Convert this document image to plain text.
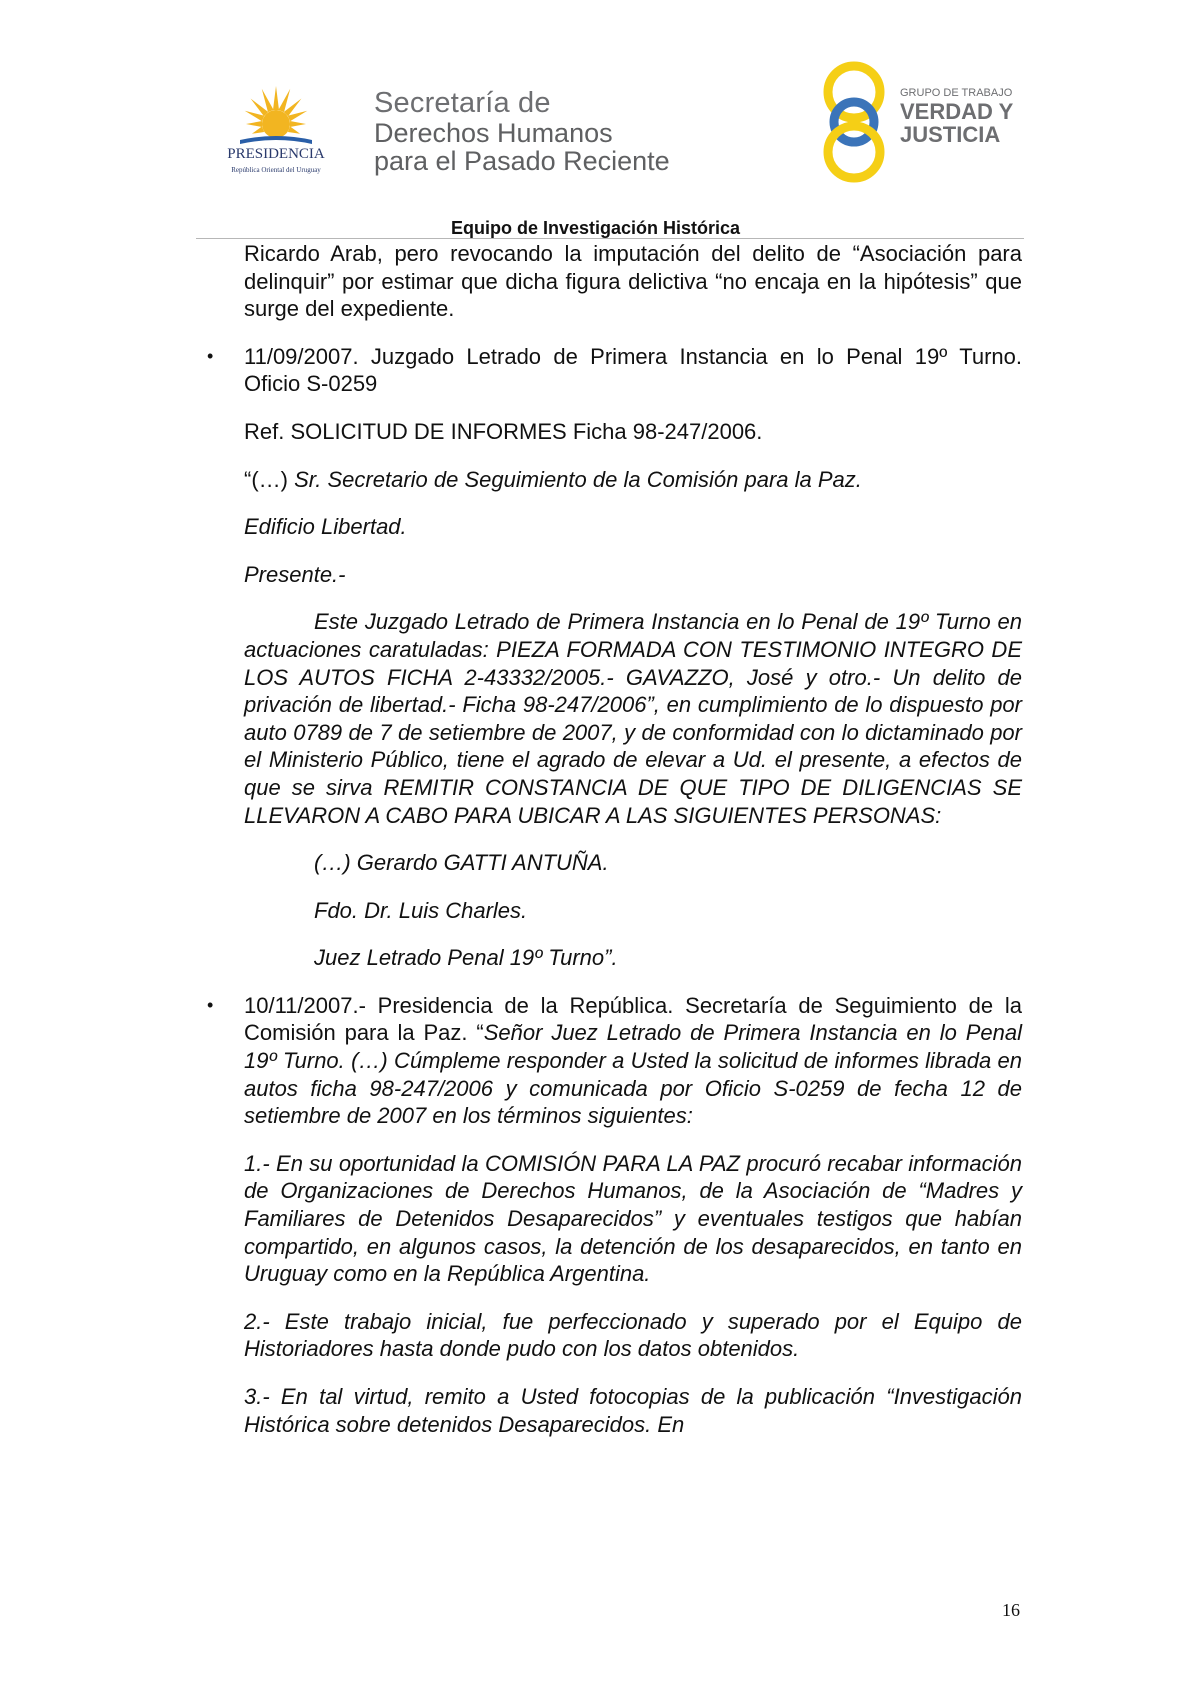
PRESIDENCIA
República Oriental del Uruguay
Secretaría de
Derechos Humanos
para el Pasado Reciente
GRUPO DE TRABAJO
VERDAD Y
JUSTICIA
Equipo de Investigación Histórica

Ricardo Arab, pero revocando la imputación del delito de “Asociación para delinquir” por estimar que dicha figura delictiva “no encaja en la hipótesis” que surge del expediente.

• 11/09/2007. Juzgado Letrado de Primera Instancia en lo Penal 19º Turno. Oficio S-0259

Ref. SOLICITUD DE INFORMES Ficha 98-247/2006.

“(…) Sr. Secretario de Seguimiento de la Comisión para la Paz.

Edificio Libertad.

Presente.-

Este Juzgado Letrado de Primera Instancia en lo Penal de 19º Turno en actuaciones caratuladas: PIEZA FORMADA CON TESTIMONIO INTEGRO DE LOS AUTOS FICHA 2-43332/2005.- GAVAZZO, José y otro.- Un delito de privación de libertad.- Ficha 98-247/2006”, en cumplimiento de lo dispuesto por auto 0789 de 7 de setiembre de 2007, y de conformidad con lo dictaminado por el Ministerio Público, tiene el agrado de elevar a Ud. el presente, a efectos de que se sirva REMITIR CONSTANCIA DE QUE TIPO DE DILIGENCIAS SE LLEVARON A CABO PARA UBICAR A LAS SIGUIENTES PERSONAS:

(…) Gerardo GATTI ANTUÑA.

Fdo. Dr. Luis Charles.

Juez Letrado Penal 19º Turno”.

• 10/11/2007.- Presidencia de la República. Secretaría de Seguimiento de la Comisión para la Paz. “Señor Juez Letrado de Primera Instancia en lo Penal 19º Turno. (…) Cúmpleme responder a Usted la solicitud de informes librada en autos ficha 98-247/2006 y comunicada por Oficio S-0259 de fecha 12 de setiembre de 2007 en los términos siguientes:

1.- En su oportunidad la COMISIÓN PARA LA PAZ procuró recabar información de Organizaciones de Derechos Humanos, de la Asociación de “Madres y Familiares de Detenidos Desaparecidos” y eventuales testigos que habían compartido, en algunos casos, la detención de los desaparecidos, en tanto en Uruguay como en la República Argentina.

2.- Este trabajo inicial, fue perfeccionado y superado por el Equipo de Historiadores hasta donde pudo con los datos obtenidos.

3.- En tal virtud, remito a Usted fotocopias de la publicación “Investigación Histórica sobre detenidos Desaparecidos. En

16
